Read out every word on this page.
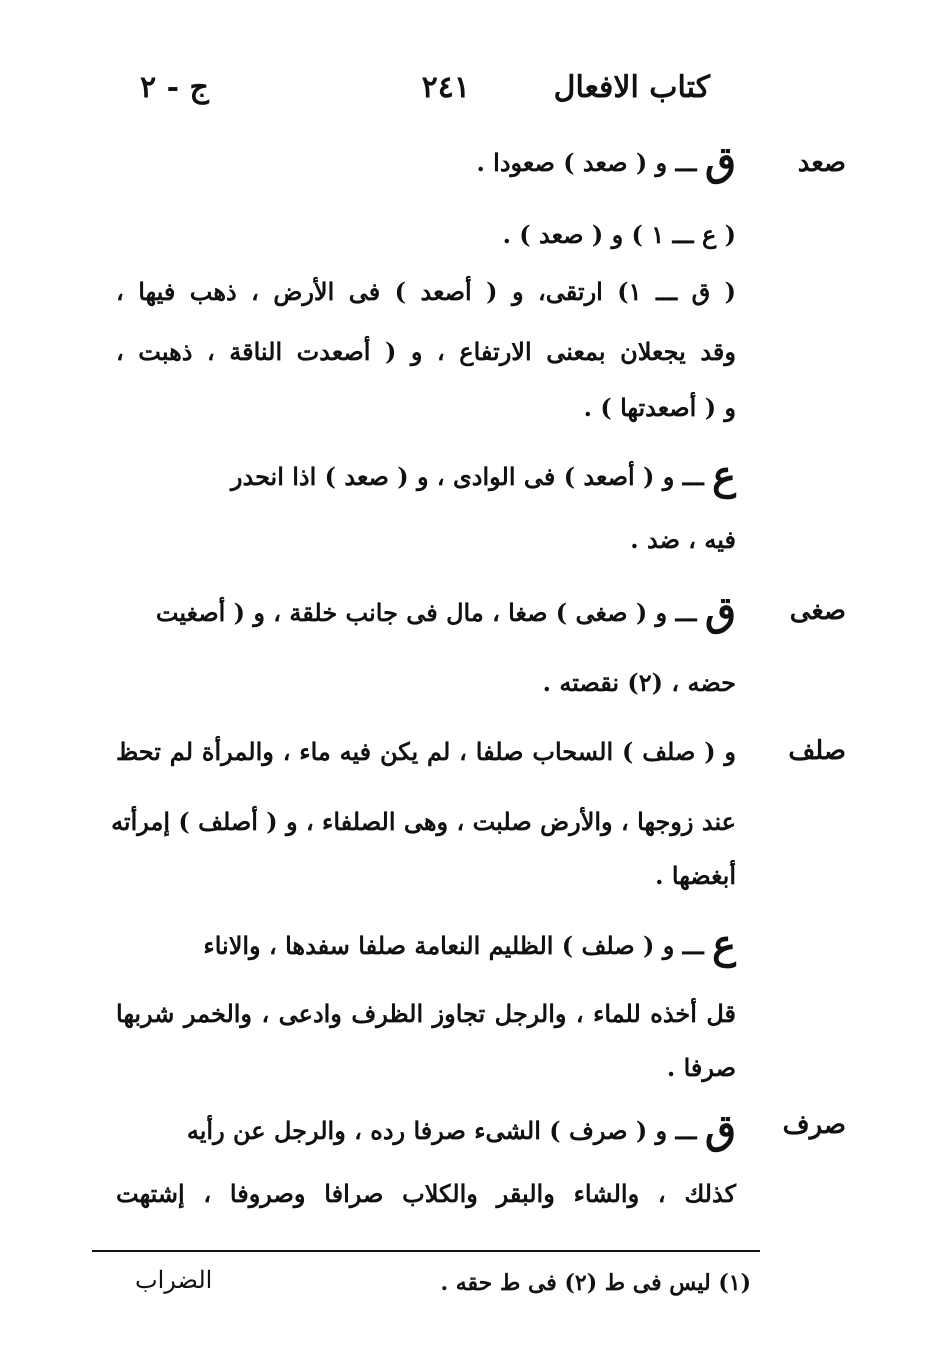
كتاب الافعال
٢٤١
ج - ٢
صعد
صغى
صلف
صرف
ق ـــ و ( صعد ) صعودا .
( ع ـــ ١ ) و ( صعد ) .
( ق ـــ ١) ارتقى، و ( أصعد ) فى الأرض ، ذهب فيها ،
وقد يجعلان بمعنى الارتفاع ، و ( أصعدت الناقة ، ذهبت ،
و ( أصعدتها ) .
ع ـــ و ( أصعد ) فى الوادى ، و ( صعد ) اذا انحدر
فيه ، ضد .
ق ـــ و ( صغى ) صغا ، مال فى جانب خلقة ، و ( أصغيت
حضه ، (٢) نقصته .
و ( صلف ) السحاب صلفا ، لم يكن فيه ماء ، والمرأة لم تحظ
عند زوجها ، والأرض صلبت ، وهى الصلفاء ، و ( أصلف ) إمرأته
أبغضها .
ع ـــ و ( صلف ) الظليم النعامة صلفا سفدها ، والاناء
قل أخذه للماء ، والرجل تجاوز الظرف وادعى ، والخمر شربها
صرفا .
ق ـــ و ( صرف ) الشىء صرفا رده ، والرجل عن رأيه
كذلك ، والشاء والبقر والكلاب صرافا وصروفا ، إشتهت
(١) ليس فى ط (٢) فى ط حقه .
الضراب
